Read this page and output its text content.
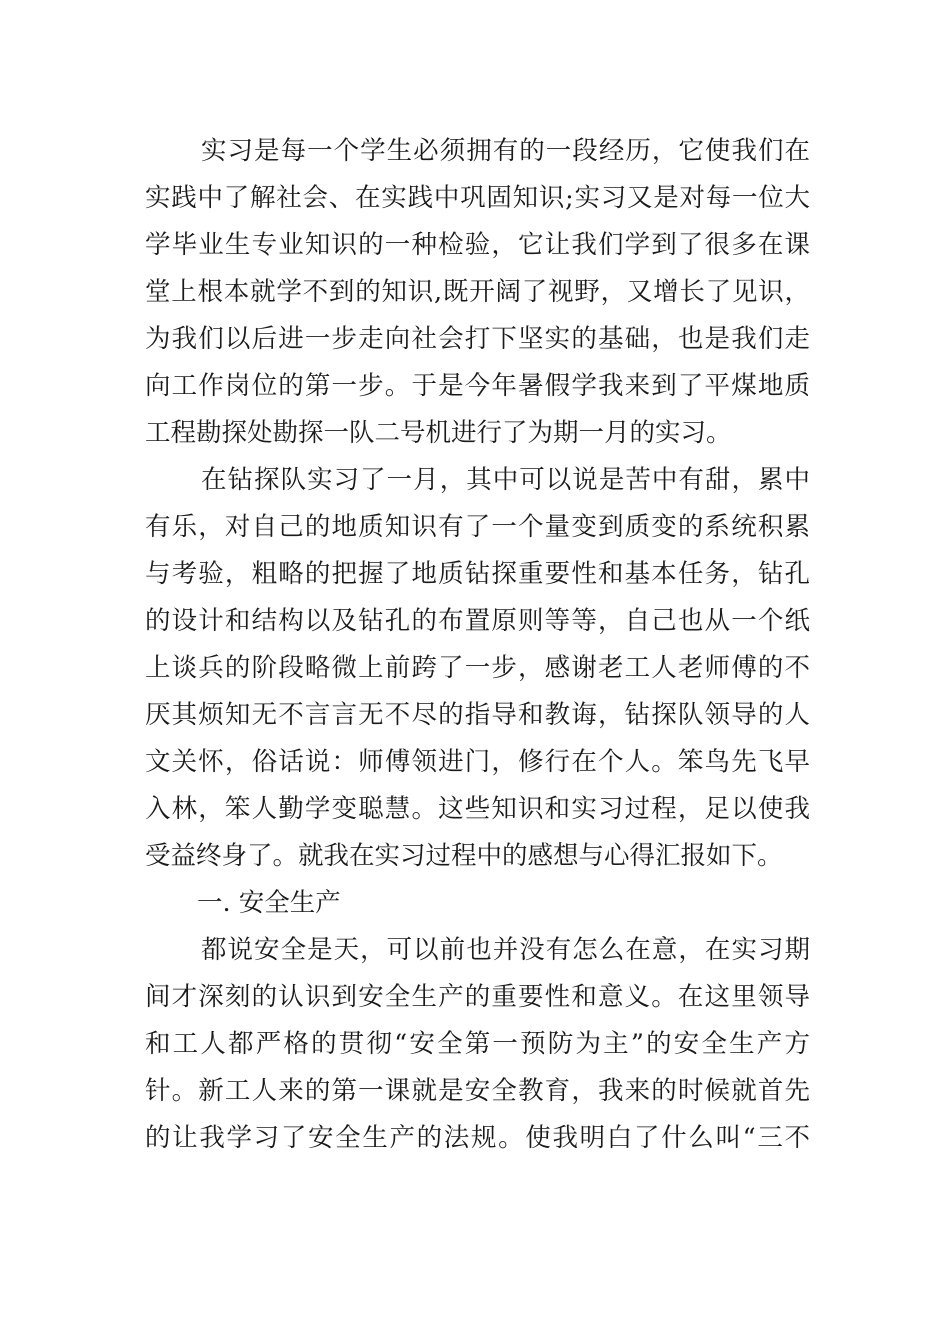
实习是每一个学生必须拥有的一段经历，它使我们在
实践中了解社会、在实践中巩固知识;实习又是对每一位大
学毕业生专业知识的一种检验，它让我们学到了很多在课
堂上根本就学不到的知识,既开阔了视野，又增长了见识，
为我们以后进一步走向社会打下坚实的基础，也是我们走
向工作岗位的第一步。于是今年暑假学我来到了平煤地质
工程勘探处勘探一队二号机进行了为期一月的实习。
在钻探队实习了一月，其中可以说是苦中有甜，累中
有乐，对自己的地质知识有了一个量变到质变的系统积累
与考验，粗略的把握了地质钻探重要性和基本任务，钻孔
的设计和结构以及钻孔的布置原则等等，自己也从一个纸
上谈兵的阶段略微上前跨了一步，感谢老工人老师傅的不
厌其烦知无不言言无不尽的指导和教诲，钻探队领导的人
文关怀，俗话说：师傅领进门，修行在个人。笨鸟先飞早
入林，笨人勤学变聪慧。这些知识和实习过程，足以使我
受益终身了。就我在实习过程中的感想与心得汇报如下。
一. 安全生产
都说安全是天，可以前也并没有怎么在意，在实习期
间才深刻的认识到安全生产的重要性和意义。在这里领导
和工人都严格的贯彻“安全第一预防为主”的安全生产方
针。新工人来的第一课就是安全教育，我来的时候就首先
的让我学习了安全生产的法规。使我明白了什么叫“三不
